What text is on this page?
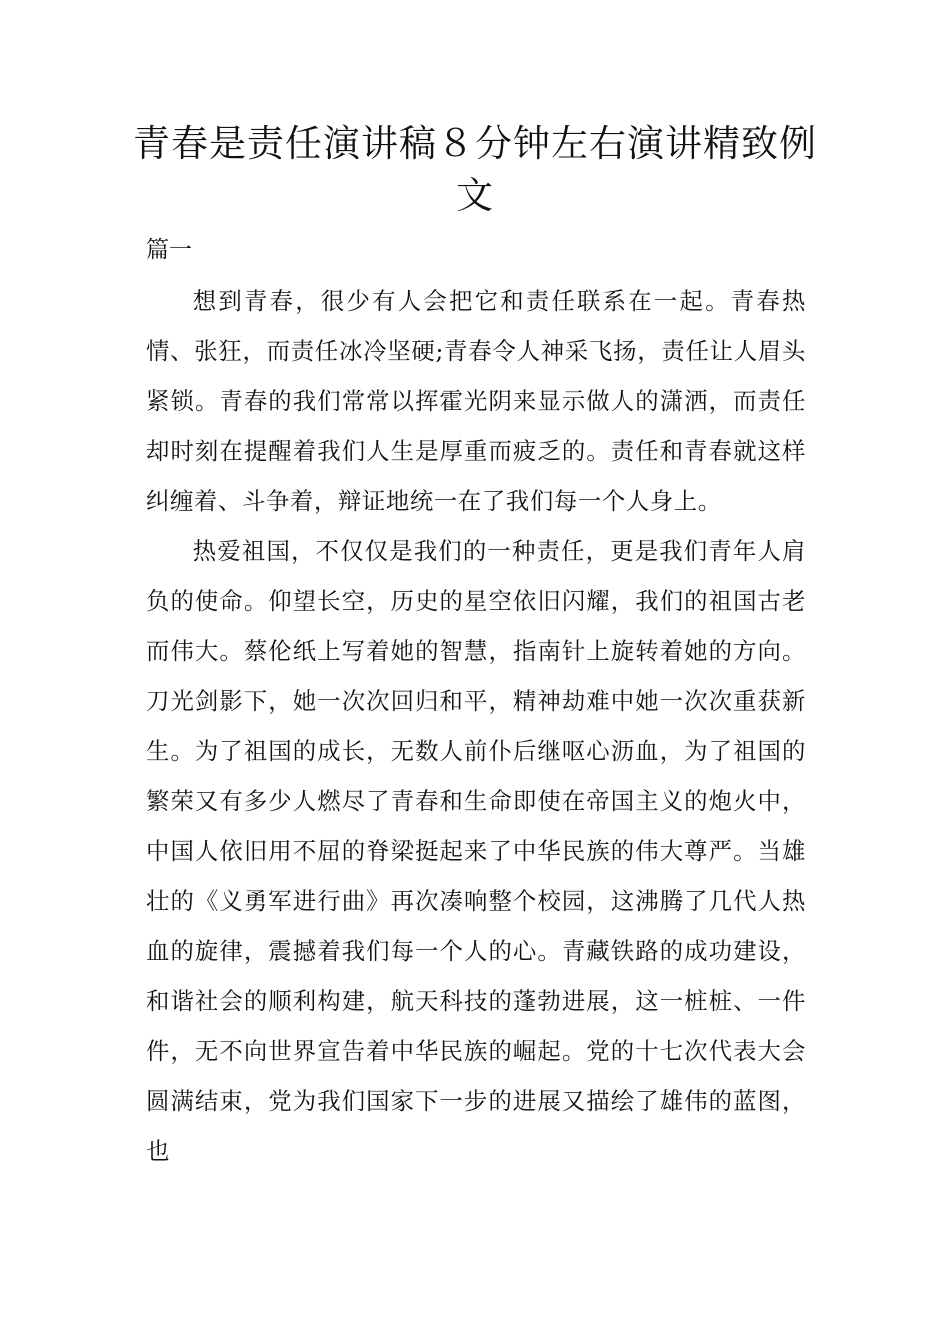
青春是责任演讲稿８分钟左右演讲精致例文

篇一

想到青春，很少有人会把它和责任联系在一起。青春热情、张狂，而责任冰冷坚硬;青春令人神采飞扬，责任让人眉头紧锁。青春的我们常常以挥霍光阴来显示做人的潇洒，而责任却时刻在提醒着我们人生是厚重而疲乏的。责任和青春就这样纠缠着、斗争着，辩证地统一在了我们每一个人身上。

热爱祖国，不仅仅是我们的一种责任，更是我们青年人肩负的使命。仰望长空，历史的星空依旧闪耀，我们的祖国古老而伟大。蔡伦纸上写着她的智慧，指南针上旋转着她的方向。刀光剑影下，她一次次回归和平，精神劫难中她一次次重获新生。为了祖国的成长，无数人前仆后继呕心沥血，为了祖国的繁荣又有多少人燃尽了青春和生命即使在帝国主义的炮火中，中国人依旧用不屈的脊梁挺起来了中华民族的伟大尊严。当雄壮的《义勇军进行曲》再次凑响整个校园，这沸腾了几代人热血的旋律，震撼着我们每一个人的心。青藏铁路的成功建设，和谐社会的顺利构建，航天科技的蓬勃进展，这一桩桩、一件件，无不向世界宣告着中华民族的崛起。党的十七次代表大会圆满结束，党为我们国家下一步的进展又描绘了雄伟的蓝图，也
